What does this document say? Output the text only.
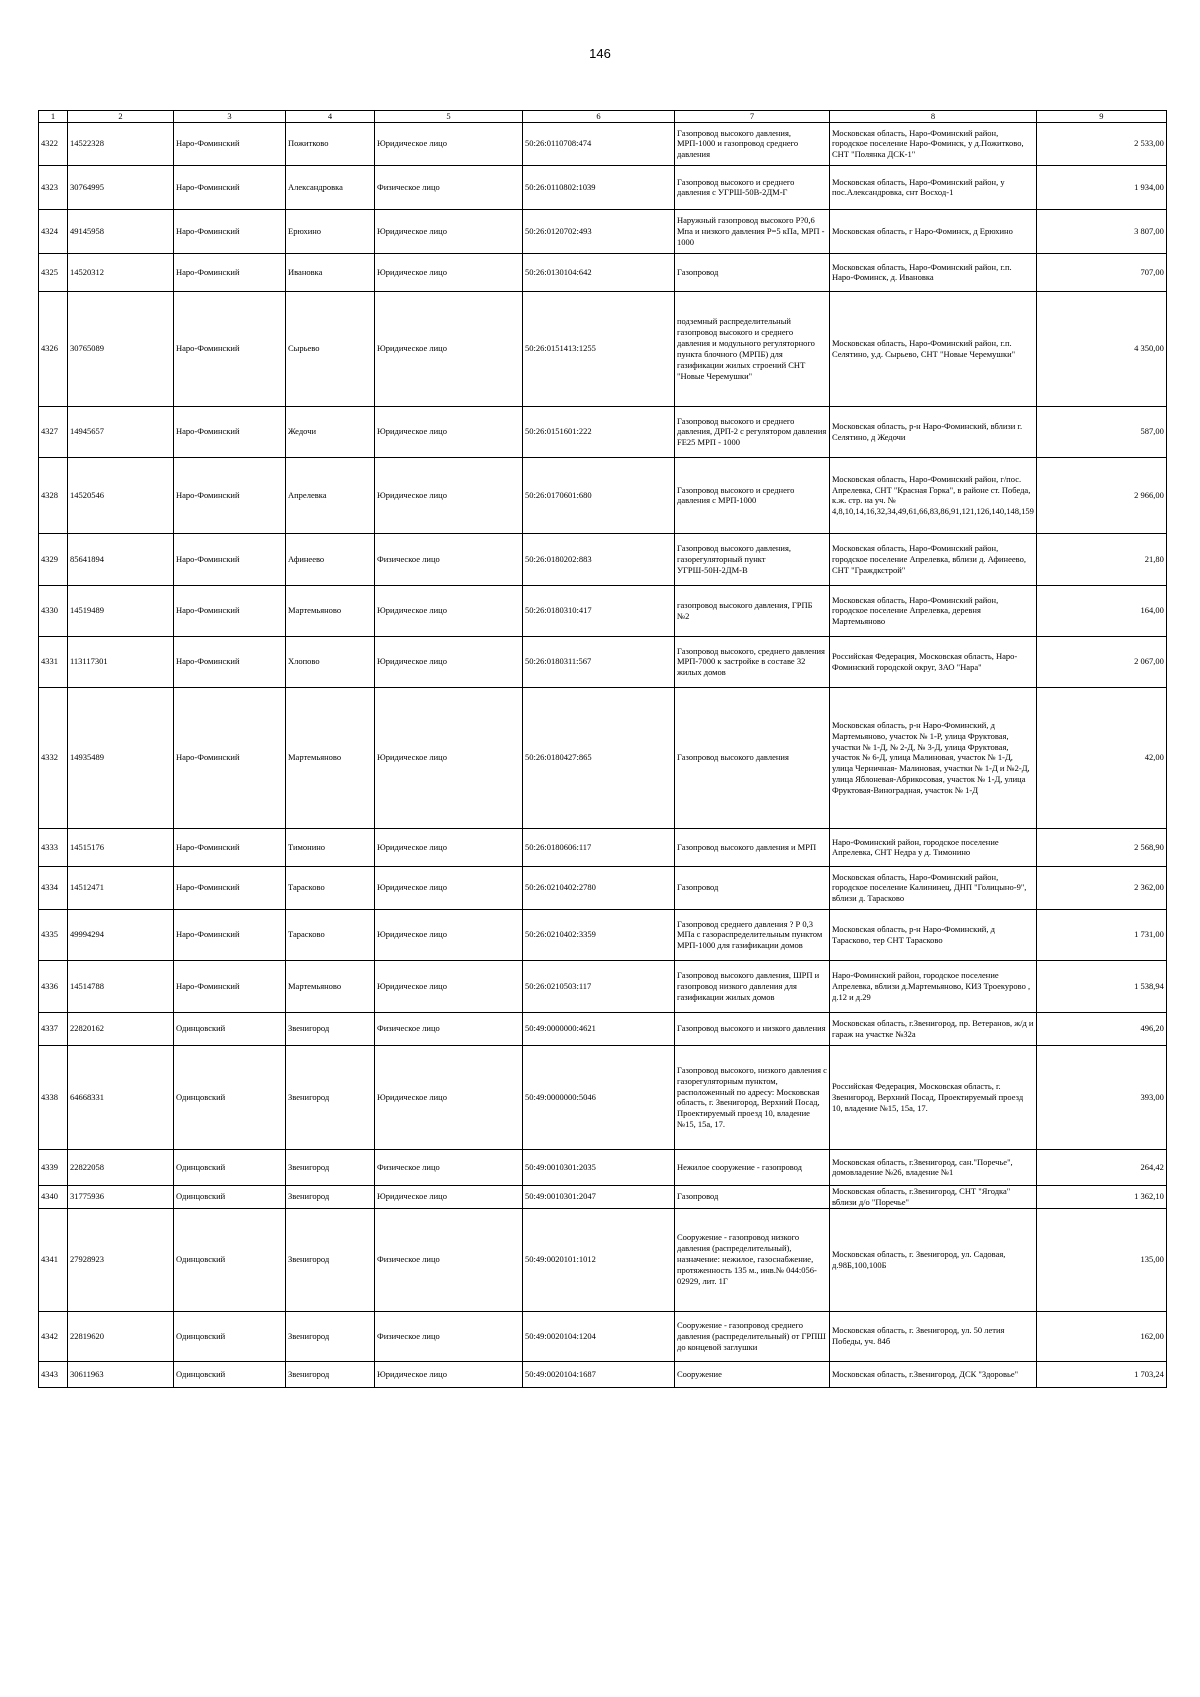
146
1	2	3	4	5	6	7	8	9
4322	14522328	Наро-Фоминский	Пожитково	Юридическое лицо	50:26:0110708:474	Газопровод высокого давления, МРП-1000 и газопровод среднего давления	Московская область, Наро-Фоминский район, городское поселение Наро-Фоминск, у д.Пожитково, СНТ "Полянка ДСК-1"	2 533,00
4323	30764995	Наро-Фоминский	Александровка	Физическое лицо	50:26:0110802:1039	Газопровод высокого и среднего давления с УГРШ-50В-2ДМ-Г	Московская область, Наро-Фоминский район, у пос.Александровка, снт Восход-1	1 934,00
4324	49145958	Наро-Фоминский	Ерюхино	Юридическое лицо	50:26:0120702:493	Наружный газопровод высокого Р?0,6 Мпа и низкого давления Р=5 кПа, МРП - 1000	Московская область, г Наро-Фоминск, д Ерюхино	3 807,00
4325	14520312	Наро-Фоминский	Ивановка	Юридическое лицо	50:26:0130104:642	Газопровод	Московская область, Наро-Фоминский район, г.п. Наро-Фоминск, д. Ивановка	707,00
4326	30765089	Наро-Фоминский	Сырьево	Юридическое лицо	50:26:0151413:1255	подземный распределительный газопровод высокого и среднего давления и модульного регуляторного пункта блочного (МРПБ) для газификации жилых строений СНТ "Новые Черемушки"	Московская область, Наро-Фоминский район, г.п. Селятино, у.д. Сырьево, СНТ "Новые Черемушки"	4 350,00
4327	14945657	Наро-Фоминский	Жедочи	Юридическое лицо	50:26:0151601:222	Газопровод высокого и среднего давления, ДРП-2 с регулятором давления FE25 МРП - 1000	Московская область, р-н Наро-Фоминский, вблизи г. Селятино, д Жедочи	587,00
4328	14520546	Наро-Фоминский	Апрелевка	Юридическое лицо	50:26:0170601:680	Газопровод высокого и среднего давления с МРП-1000	Московская область, Наро-Фоминский район, г/пос. Апрелевка, СНТ "Красная Горка", в районе ст. Победа, к.ж. стр. на уч. № 4,8,10,14,16,32,34,49,61,66,83,86,91,121,126,140,148,159	2 966,00
4329	85641894	Наро-Фоминский	Афинеево	Физическое лицо	50:26:0180202:883	Газопровод высокого давления, газорегуляторный пункт УГРШ-50Н-2ДМ-В	Московская область, Наро-Фоминский район, городское поселение Апрелевка, вблизи д. Афинеево, СНТ "Граждкстрой"	21,80
4330	14519489	Наро-Фоминский	Мартемьяново	Юридическое лицо	50:26:0180310:417	газопровод высокого давления, ГРПБ №2	Московская область, Наро-Фоминский район, городское поселение Апрелевка, деревня Мартемьяново	164,00
4331	113117301	Наро-Фоминский	Хлопово	Юридическое лицо	50:26:0180311:567	Газопровод высокого, среднего давления МРП-7000 к застройке в составе 32 жилых домов	Российская Федерация, Московская область, Наро-Фоминский городской округ, ЗАО "Нара"	2 067,00
4332	14935489	Наро-Фоминский	Мартемьяново	Юридическое лицо	50:26:0180427:865	Газопровод высокого давления	Московская область, р-н Наро-Фоминский, д Мартемьяново, участок № 1-Р, улица Фруктовая, участки № 1-Д, № 2-Д, № 3-Д, улица Фруктовая, участок № 6-Д, улица Малиновая, участок № 1-Д, улица Черничная- Малиновая, участки № 1-Д и №2-Д, улица Яблоневая-Абрикосовая, участок № 1-Д, улица Фруктовая-Виноградная, участок № 1-Д	42,00
4333	14515176	Наро-Фоминский	Тимонино	Юридическое лицо	50:26:0180606:117	Газопровод высокого давления и МРП	Наро-Фоминский район, городское поселение Апрелевка, СНТ Недра у д. Тимонино	2 568,90
4334	14512471	Наро-Фоминский	Тарасково	Юридическое лицо	50:26:0210402:2780	Газопровод	Московская область, Наро-Фоминский район, городское поселение Калининец, ДНП "Голицыно-9", вблизи д. Тарасково	2 362,00
4335	49994294	Наро-Фоминский	Тарасково	Юридическое лицо	50:26:0210402:3359	Газопровод среднего давления ? Р 0,3 МПа с газораспределительным пунктом МРП-1000 для газификации домов	Московская область, р-н Наро-Фоминский, д Тарасково, тер СНТ Тарасково	1 731,00
4336	14514788	Наро-Фоминский	Мартемьяново	Юридическое лицо	50:26:0210503:117	Газопровод высокого давления, ШРП и газопровод низкого давления для газификации жилых домов	Наро-Фоминский район, городское поселение Апрелевка, вблизи д.Мартемьяново, КИЗ Троекурово , д.12 и д.29	1 538,94
4337	22820162	Одинцовский	Звенигород	Физическое лицо	50:49:0000000:4621	Газопровод высокого и низкого давления	Московская область, г.Звенигород, пр. Ветеранов, ж/д и гараж на участке №32а	496,20
4338	64668331	Одинцовский	Звенигород	Юридическое лицо	50:49:0000000:5046	Газопровод высокого, низкого давления с газорегуляторным пунктом, расположенный по адресу: Московская область, г. Звенигород, Верхний Посад, Проектируемый проезд 10, владение №15, 15а, 17.	Российская Федерация, Московская область, г. Звенигород, Верхний Посад, Проектируемый проезд 10, владение №15, 15а, 17.	393,00
4339	22822058	Одинцовский	Звенигород	Физическое лицо	50:49:0010301:2035	Нежилое сооружение - газопровод	Московская область, г.Звенигород, сан."Поречье", домовладение №26, владение №1	264,42
4340	31775936	Одинцовский	Звенигород	Юридическое лицо	50:49:0010301:2047	Газопровод	Московская область, г.Звенигород, СНТ "Ягодка" вблизи д/о "Поречье"	1 362,10
4341	27928923	Одинцовский	Звенигород	Физическое лицо	50:49:0020101:1012	Сооружение - газопровод низкого давления (распределительный), назначение: нежилое, газоснабжение, протяженность 135 м., инв.№ 044:056-02929, лит. 1Г	Московская область, г. Звенигород, ул. Садовая, д.98Б,100,100Б	135,00
4342	22819620	Одинцовский	Звенигород	Физическое лицо	50:49:0020104:1204	Сооружение - газопровод среднего давления (распределительный) от ГРПШ до концевой заглушки	Московская область, г. Звенигород, ул. 50 летия Победы, уч. 84б	162,00
4343	30611963	Одинцовский	Звенигород	Юридическое лицо	50:49:0020104:1687	Сооружение	Московская область, г.Звенигород, ДСК "Здоровье"	1 703,24
